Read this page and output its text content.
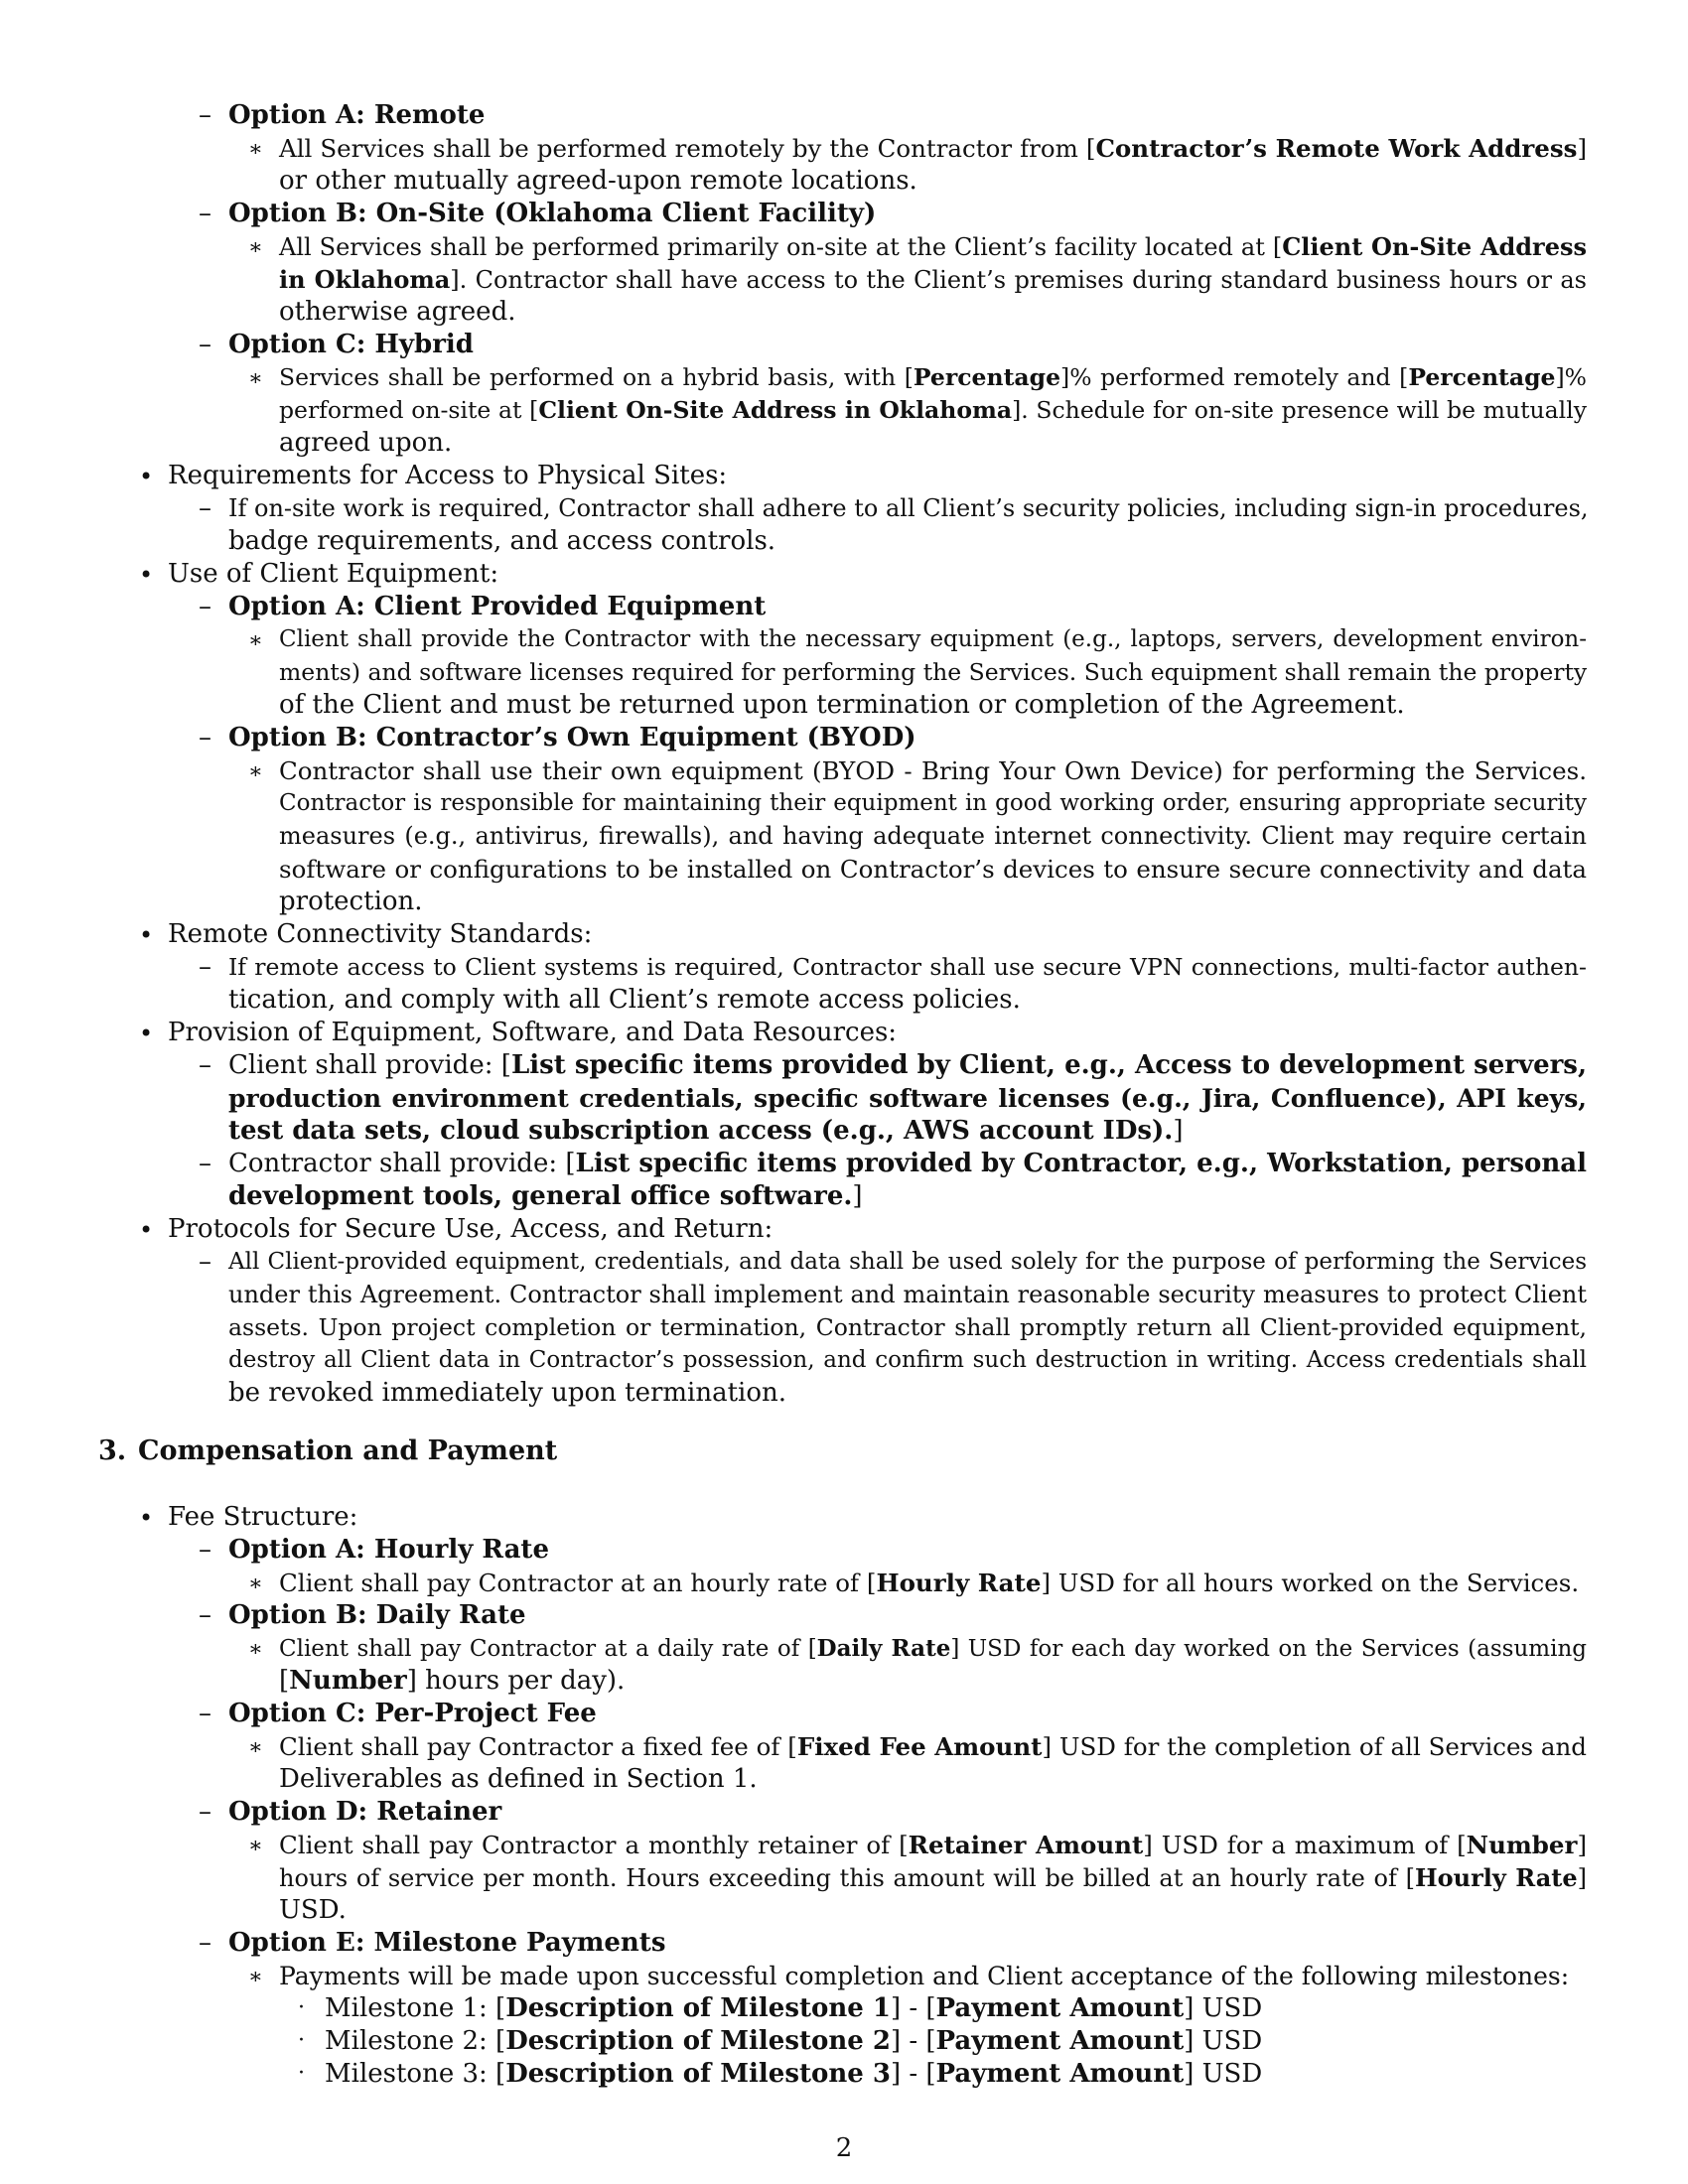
– Option A: Remote
∗ All Services shall be performed remotely by the Contractor from [Contractor’s Remote Work Address]
or other mutually agreed-upon remote locations.
– Option B: On-Site (Oklahoma Client Facility)
∗ All Services shall be performed primarily on-site at the Client’s facility located at [Client On-Site Address
in Oklahoma]. Contractor shall have access to the Client’s premises during standard business hours or as
otherwise agreed.
– Option C: Hybrid
∗ Services shall be performed on a hybrid basis, with [Percentage]% performed remotely and [Percentage]%
performed on-site at [Client On-Site Address in Oklahoma]. Schedule for on-site presence will be mutually
agreed upon.
• Requirements for Access to Physical Sites:
– If on-site work is required, Contractor shall adhere to all Client’s security policies, including sign-in procedures,
badge requirements, and access controls.
• Use of Client Equipment:
– Option A: Client Provided Equipment
∗ Client shall provide the Contractor with the necessary equipment (e.g., laptops, servers, development environ-
ments) and software licenses required for performing the Services. Such equipment shall remain the property
of the Client and must be returned upon termination or completion of the Agreement.
– Option B: Contractor’s Own Equipment (BYOD)
∗ Contractor shall use their own equipment (BYOD - Bring Your Own Device) for performing the Services.
Contractor is responsible for maintaining their equipment in good working order, ensuring appropriate security
measures (e.g., antivirus, firewalls), and having adequate internet connectivity. Client may require certain
software or configurations to be installed on Contractor’s devices to ensure secure connectivity and data
protection.
• Remote Connectivity Standards:
– If remote access to Client systems is required, Contractor shall use secure VPN connections, multi-factor authen-
tication, and comply with all Client’s remote access policies.
• Provision of Equipment, Software, and Data Resources:
– Client shall provide: [List specific items provided by Client, e.g., Access to development servers,
production environment credentials, specific software licenses (e.g., Jira, Confluence), API keys,
test data sets, cloud subscription access (e.g., AWS account IDs).]
– Contractor shall provide: [List specific items provided by Contractor, e.g., Workstation, personal
development tools, general office software.]
• Protocols for Secure Use, Access, and Return:
– All Client-provided equipment, credentials, and data shall be used solely for the purpose of performing the Services
under this Agreement. Contractor shall implement and maintain reasonable security measures to protect Client
assets. Upon project completion or termination, Contractor shall promptly return all Client-provided equipment,
destroy all Client data in Contractor’s possession, and confirm such destruction in writing. Access credentials shall
be revoked immediately upon termination.
3. Compensation and Payment
• Fee Structure:
– Option A: Hourly Rate
∗ Client shall pay Contractor at an hourly rate of [Hourly Rate] USD for all hours worked on the Services.
– Option B: Daily Rate
∗ Client shall pay Contractor at a daily rate of [Daily Rate] USD for each day worked on the Services (assuming
[Number] hours per day).
– Option C: Per-Project Fee
∗ Client shall pay Contractor a fixed fee of [Fixed Fee Amount] USD for the completion of all Services and
Deliverables as defined in Section 1.
– Option D: Retainer
∗ Client shall pay Contractor a monthly retainer of [Retainer Amount] USD for a maximum of [Number]
hours of service per month. Hours exceeding this amount will be billed at an hourly rate of [Hourly Rate]
USD.
– Option E: Milestone Payments
∗ Payments will be made upon successful completion and Client acceptance of the following milestones:
· Milestone 1: [Description of Milestone 1] - [Payment Amount] USD
· Milestone 2: [Description of Milestone 2] - [Payment Amount] USD
· Milestone 3: [Description of Milestone 3] - [Payment Amount] USD
2
